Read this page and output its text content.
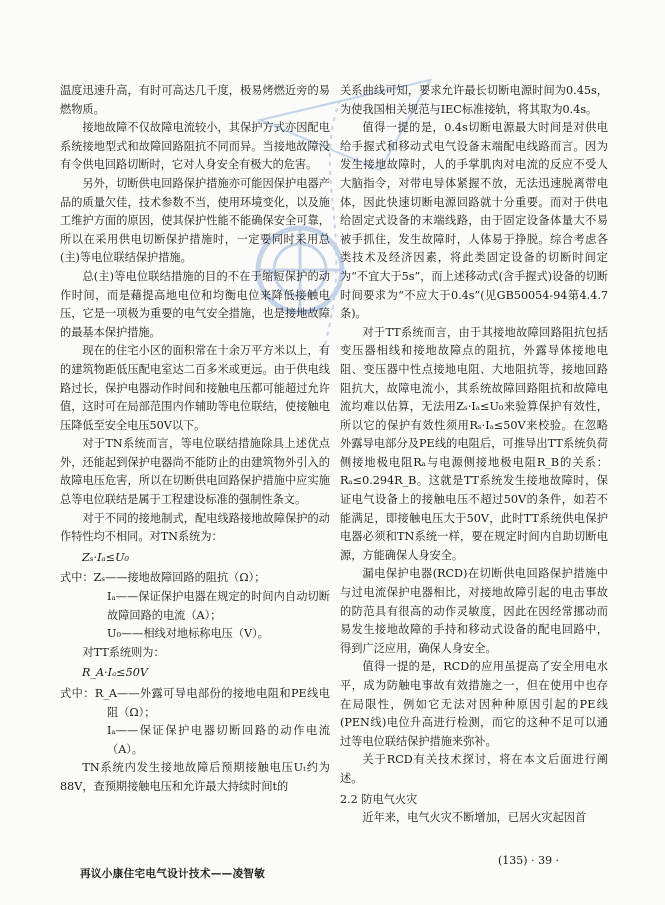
温度迅速升高，有时可高达几千度，极易烤燃近旁的易燃物质。

接地故障不仅故障电流较小，其保护方式亦因配电系统接地型式和故障回路阻抗不同而异。当接地故障没有令供电回路切断时，它对人身安全有极大的危害。

另外，切断供电回路保护措施亦可能因保护电器产品的质量欠佳，技术参数不当，使用环境变化，以及施工维护方面的原因，使其保护性能不能确保安全可靠，所以在采用供电切断保护措施时，一定要同时采用总(主)等电位联结保护措施。

总(主)等电位联结措施的目的不在于缩短保护的动作时间，而是藉提高地电位和均衡电位来降低接触电压，它是一项极为重要的电气安全措施，也是接地故障的最基本保护措施。

现在的住宅小区的面积常在十余万平方米以上，有的建筑物距低压配电室达二百多米或更远。由于供电线路过长，保护电器动作时间和接触电压都可能超过允许值，这时可在局部范围内作辅助等电位联结，使接触电压降低至安全电压50V以下。

对于TN系统而言，等电位联结措施除具上述优点外，还能起到保护电器尚不能防止的由建筑物外引入的故障电压危害，所以在切断供电回路保护措施中应实施总等电位联结是属于工程建设标准的强制性条文。

对于不同的接地制式，配电线路接地故障保护的动作特性均不相同。对TN系统为：

Zₛ·Iₐ≤U₀

式中：Zₛ——接地故障回路的阻抗（Ω）；

Iₐ——保证保护电器在规定的时间内自动切断故障回路的电流（A）；

U₀——相线对地标称电压（V）。

对TT系统则为：

R_A·Iₐ≤50V

式中：R_A——外露可导电部份的接地电阻和PE线电阻（Ω）；

Iₐ——保证保护电器切断回路的动作电流（A）。

TN系统内发生接地故障后预期接触电压Uₜ约为88V，查预期接触电压和允许最大持续时间t的

关系曲线可知，要求允许最长切断电源时间为0.45s，为使我国相关规范与IEC标准接轨，将其取为0.4s。

值得一提的是，0.4s切断电源最大时间是对供电给手握式和移动式电气设备末端配电线路而言。因为发生接地故障时，人的手掌肌肉对电流的反应不受人大脑指令，对带电导体紧握不放，无法迅速脱离带电体，因此快速切断电源回路就十分重要。而对于供电给固定式设备的末端线路，由于固定设备体量大不易被手抓住，发生故障时，人体易于挣脱。综合考虑各类技术及经济因素，将此类固定设备的切断时间定为“不宜大于5s”，而上述移动式(含手握式)设备的切断时间要求为“不应大于0.4s”(见GB50054-94第4.4.7条)。

对于TT系统而言，由于其接地故障回路阻抗包括变压器相线和接地故障点的阻抗，外露导体接地电阻、变压器中性点接地电阻、大地阻抗等，接地回路阻抗大，故障电流小，其系统故障回路阻抗和故障电流均难以估算，无法用Zₛ·Iₐ≤U₀来验算保护有效性，所以它的保护有效性须用Rₛ·Iₐ≤50V来校验。在忽略外露导电部分及PE线的电阻后，可推导出TT系统负荷侧接地极电阻Rₐ与电源侧接地极电阻R_B的关系：Rₐ≤0.294R_B。这就是TT系统发生接地故障时，保证电气设备上的接触电压不超过50V的条件，如若不能满足，即接触电压大于50V，此时TT系统供电保护电器必须和TN系统一样，要在规定时间内自助切断电源，方能确保人身安全。

漏电保护电器(RCD)在切断供电回路保护措施中与过电流保护电器相比，对接地故障引起的电击事故的防范具有很高的动作灵敏度，因此在因经常挪动而易发生接地故障的手持和移动式设备的配电回路中，得到广泛应用，确保人身安全。

值得一提的是，RCD的应用虽提高了安全用电水平，成为防触电事故有效措施之一，但在使用中也存在局限性，例如它无法对因种种原因引起的PE线(PEN线)电位升高进行检测，而它的这种不足可以通过等电位联结保护措施来弥补。

关于RCD有关技术探讨，将在本文后面进行阐述。

2.2 防电气火灾

近年来，电气火灾不断增加，已居火灾起因首

再议小康住宅电气设计技术——凌智敏
(135) · 39 ·
